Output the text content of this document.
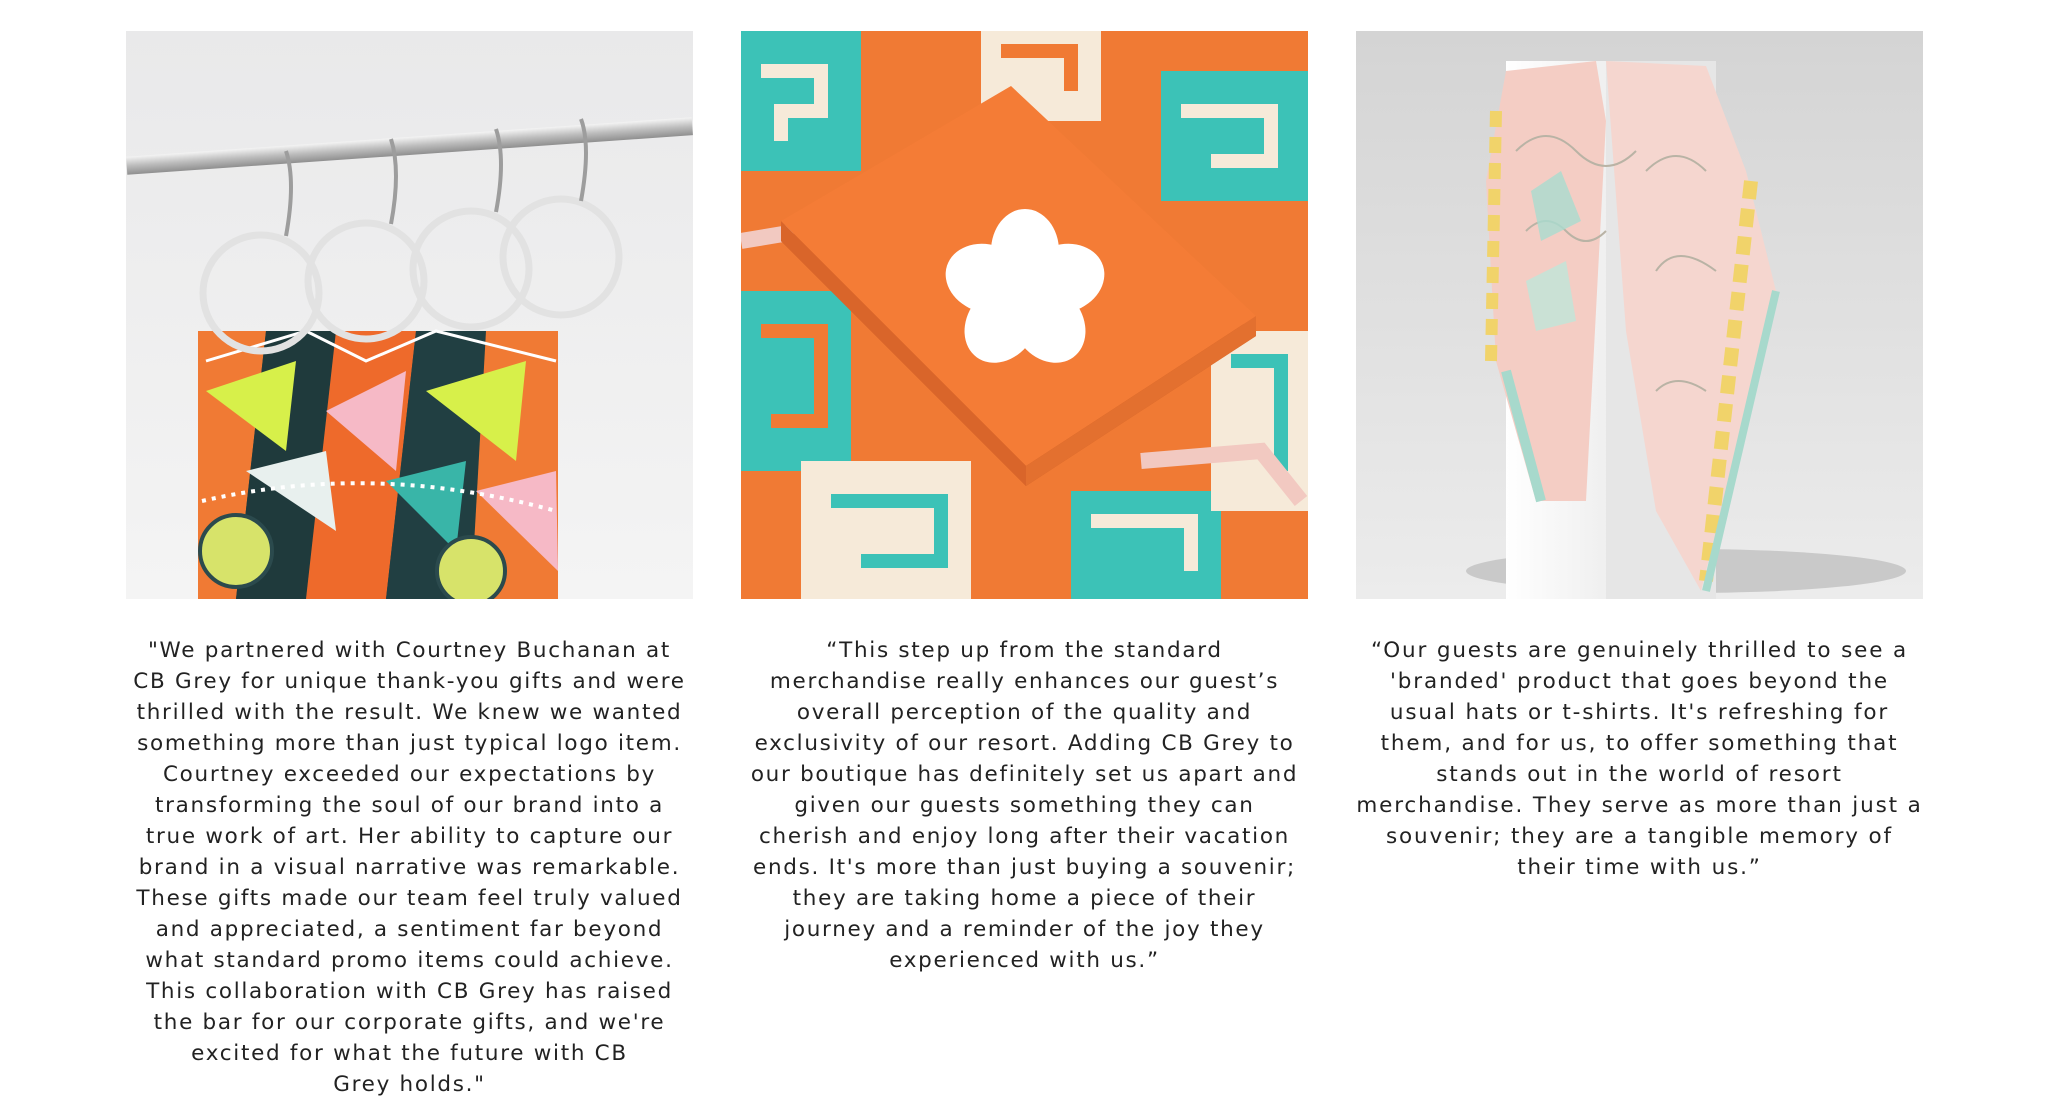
"We partnered with Courtney Buchanan at
CB Grey for unique thank-you gifts and were
thrilled with the result. We knew we wanted
something more than just typical logo item.
Courtney exceeded our expectations by
transforming the soul of our brand into a
true work of art. Her ability to capture our
brand in a visual narrative was remarkable.
These gifts made our team feel truly valued
and appreciated, a sentiment far beyond
what standard promo items could achieve.
This collaboration with CB Grey has raised
the bar for our corporate gifts, and we're
excited for what the future with CB
Grey holds."
“This step up from the standard
merchandise really enhances our guest’s
overall perception of the quality and
exclusivity of our resort. Adding CB Grey to
our boutique has definitely set us apart and
given our guests something they can
cherish and enjoy long after their vacation
ends. It's more than just buying a souvenir;
they are taking home a piece of their
journey and a reminder of the joy they
experienced with us.”
“Our guests are genuinely thrilled to see a
'branded' product that goes beyond the
usual hats or t-shirts. It's refreshing for
them, and for us, to offer something that
stands out in the world of resort
merchandise. They serve as more than just a
souvenir; they are a tangible memory of
their time with us.”
